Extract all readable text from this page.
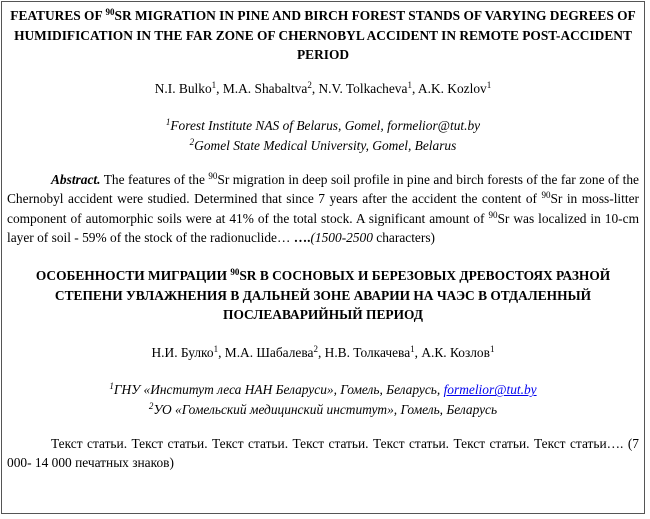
FEATURES OF $^{90}$SR MIGRATION IN PINE AND BIRCH FOREST STANDS OF VARYING DEGREES OF HUMIDIFICATION IN THE FAR ZONE OF CHERNOBYL ACCIDENT IN REMOTE POST-ACCIDENT PERIOD

N.I. Bulko$^1$, M.A. Shabaltva$^2$, N.V. Tolkacheva$^1$, A.K. Kozlov$^1$

$^1$Forest Institute NAS of Belarus, Gomel, formelior@tut.by

$^2$Gomel State Medical University, Gomel, Belarus

Abstract. The features of the $^{90}$Sr migration in deep soil profile in pine and birch forests of the far zone of the Chernobyl accident were studied. Determined that since 7 years after the accident the content of $^{90}$Sr in moss-litter component of automorphic soils were at 41% of the total stock. A significant amount of $^{90}$Sr was localized in 10-cm layer of soil - 59% of the stock of the radionuclide… ….(1500-2500 characters)

ОСОБЕННОСТИ МИГРАЦИИ $^{90}$SR В СОСНОВЫХ И БЕРЕЗОВЫХ ДРЕВОСТОЯХ РАЗНОЙ СТЕПЕНИ УВЛАЖНЕНИЯ В ДАЛЬНЕЙ ЗОНЕ АВАРИИ НА ЧАЭС В ОТДАЛЕННЫЙ ПОСЛЕАВАРИЙНЫЙ ПЕРИОД

Н.И. Булко$^1$, М.А. Шабалева$^2$, Н.В. Толкачева$^1$, А.К. Козлов$^1$

$^1$ГНУ «Институт леса НАН Беларуси», Гомель, Беларусь, formelior@tut.by

$^2$УО «Гомельский медицинский институт», Гомель, Беларусь

Текст статьи. Текст статьи. Текст статьи. Текст статьи. Текст статьи. Текст статьи. Текст статьи…. (7 000- 14 000 печатных знаков)
